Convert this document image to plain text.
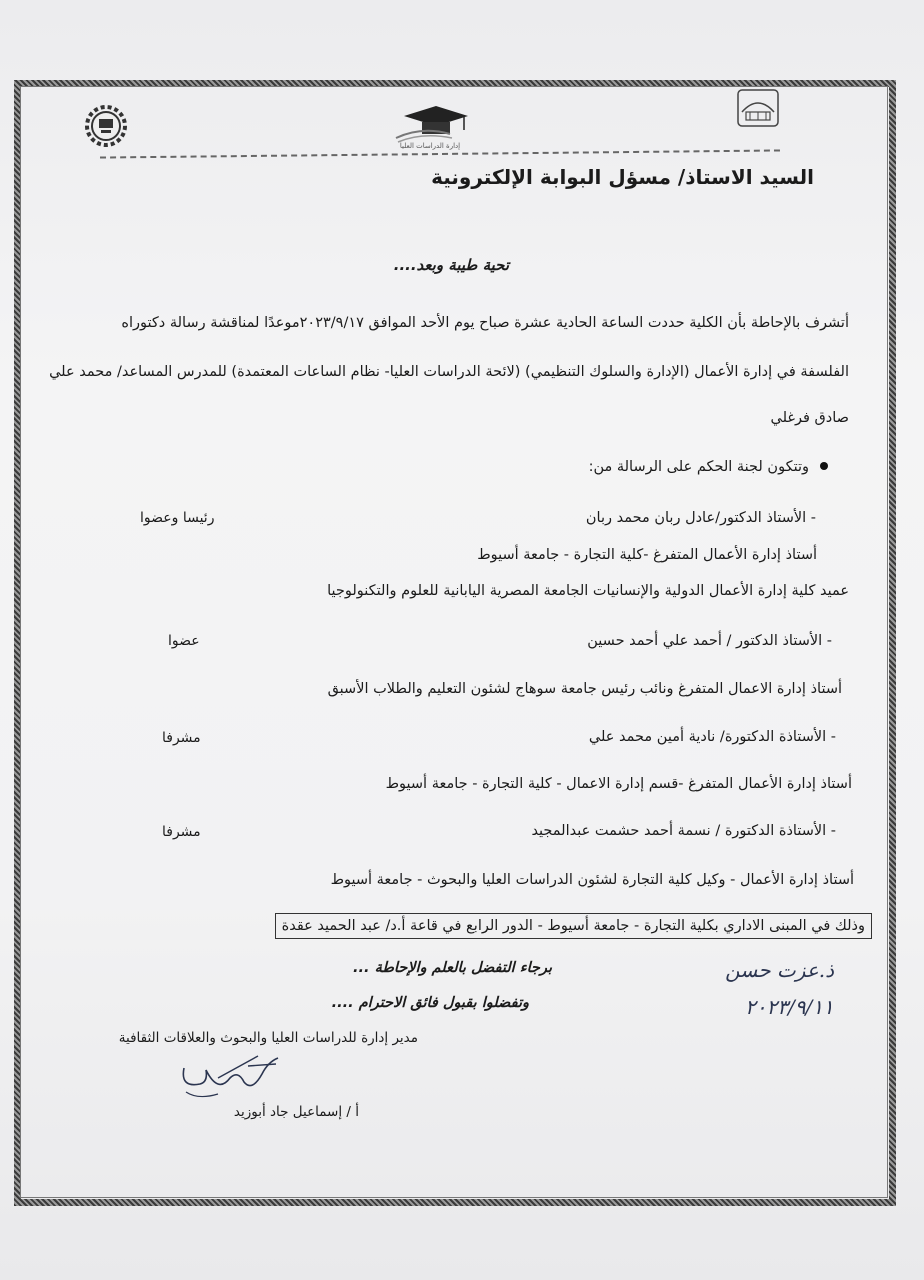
إدارة الدراسات العليا
السيد الاستاذ/ مسؤل البوابة الإلكترونية
تحية طيبة وبعد....
أتشرف بالإحاطة بأن الكلية حددت الساعة الحادية عشرة صباح يوم الأحد الموافق ٢٠٢٣/٩/١٧موعدًا لمناقشة رسالة دكتوراه
الفلسفة في إدارة الأعمال (الإدارة والسلوك التنظيمي) (لائحة الدراسات العليا- نظام الساعات المعتمدة) للمدرس المساعد/ محمد علي
صادق فرغلي
وتتكون لجنة الحكم على الرسالة من:
- الأستاذ الدكتور/عادل ربان محمد ربان
رئيسا وعضوا
أستاذ إدارة الأعمال المتفرغ -كلية التجارة - جامعة أسيوط
عميد كلية إدارة الأعمال الدولية والإنسانيات الجامعة المصرية اليابانية للعلوم والتكنولوجيا
- الأستاذ الدكتور / أحمد علي أحمد حسين
عضوا
أستاذ إدارة الاعمال المتفرغ ونائب رئيس جامعة سوهاج لشئون التعليم والطلاب الأسبق
- الأستاذة الدكتورة/ نادية أمين محمد علي
مشرفا
أستاذ إدارة الأعمال المتفرغ -قسم إدارة الاعمال - كلية التجارة - جامعة أسيوط
- الأستاذة الدكتورة / نسمة أحمد حشمت عبدالمجيد
مشرفا
أستاذ إدارة الأعمال - وكيل كلية التجارة لشئون الدراسات العليا والبحوث - جامعة أسيوط
وذلك في المبنى الاداري بكلية التجارة - جامعة أسيوط - الدور الرابع في قاعة أ.د/ عبد الحميد عقدة
برجاء التفضل بالعلم والإحاطة ...
وتفضلوا بقبول فائق الاحترام ....
ذ.عزت حسن
٢٠٢٣/٩/١١
مدير إدارة للدراسات العليا والبحوث والعلاقات الثقافية
أ / إسماعيل جاد أبوزيد
